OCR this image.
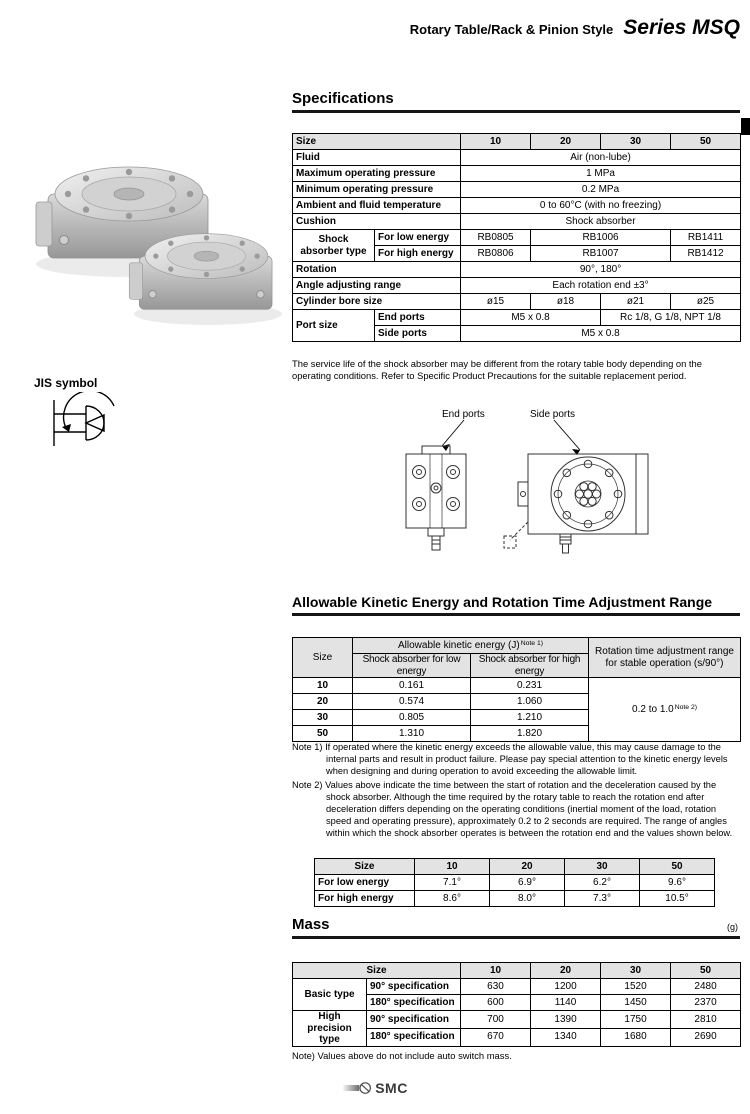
Rotary Table/Rack & Pinion Style Series MSQ
JIS symbol
Specifications
Size		10	20	30	50
Fluid		Air (non-lube)			
Maximum operating pressure		1 MPa			
Minimum operating pressure		0.2 MPa			
Ambient and fluid temperature		0 to 60°C (with no freezing)			
Cushion		Shock absorber			
Shock absorber type	For low energy	RB0805	RB1006		RB1411
	For high energy	RB0806	RB1007		RB1412
Rotation		90°, 180°			
Angle adjusting range		Each rotation end ±3°			
Cylinder bore size		ø15	ø18	ø21	ø25
Port size	End ports	M5 x 0.8		Rc 1/8, G 1/8, NPT 1/8	
	Side ports	M5 x 0.8			
The service life of the shock absorber may be different from the rotary table body depending on the operating conditions. Refer to Specific Product Precautions for the suitable replacement period.
End ports	Side ports
Allowable Kinetic Energy and Rotation Time Adjustment Range
Size	Allowable kinetic energy $(J)^{Note 1)}$		Rotation time adjustment range for stable operation (s/90°)
	Shock absorber for low energy	Shock absorber for high energy	
10	0.161	0.231	0.2 to $1.0^{Note 2)}$
20	0.574	1.060	
30	0.805	1.210	
50	1.310	1.820	

Note 1) If operated where the kinetic energy exceeds the allowable value, this may cause damage to the internal parts and result in product failure. Please pay special attention to the kinetic energy levels when designing and during operation to avoid exceeding the allowable limit.

Note 2) Values above indicate the time between the start of rotation and the deceleration caused by the shock absorber. Although the time required by the rotary table to reach the rotation end after deceleration differs depending on the operating conditions (inertial moment of the load, rotation speed and operating pressure), approximately 0.2 to 2 seconds are required. The range of angles within which the shock absorber operates is between the rotation end and the values shown below.

Size	10	20	30	50
For low energy	7.1°	6.9°	6.2°	9.6°
For high energy	8.6°	8.0°	7.3°	10.5°
Mass	(g)
Size		10	20	30	50
Basic type	90° specification	630	1200	1520	2480
	180° specification	600	1140	1450	2370
High precision type	90° specification	700	1390	1750	2810
	180° specification	670	1340	1680	2690
Note) Values above do not include auto switch mass.
SMC
